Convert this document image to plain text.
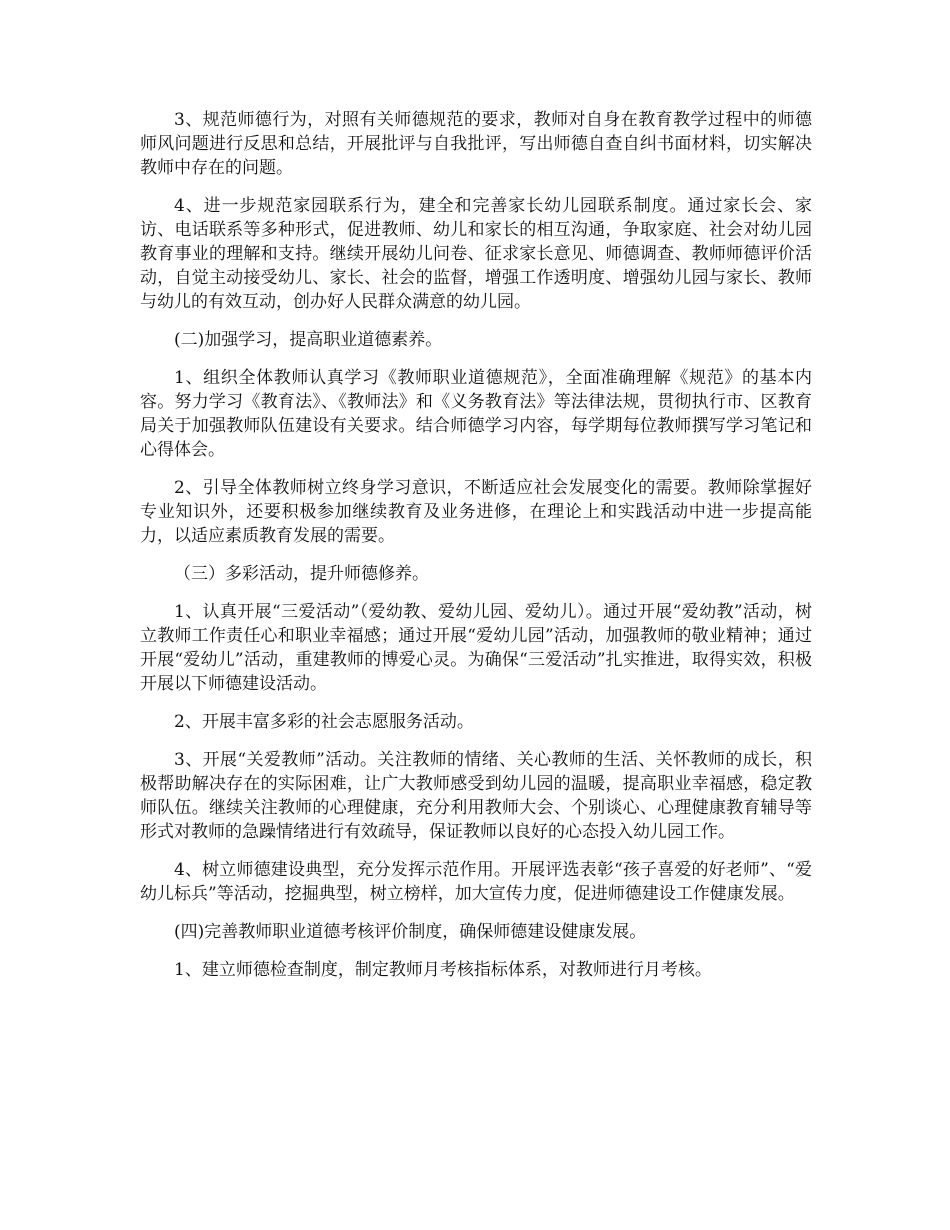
3、规范师德行为，对照有关师德规范的要求，教师对自身在教育教学过程中的师德师风问题进行反思和总结，开展批评与自我批评，写出师德自查自纠书面材料，切实解决教师中存在的问题。

4、进一步规范家园联系行为，建全和完善家长幼儿园联系制度。通过家长会、家访、电话联系等多种形式，促进教师、幼儿和家长的相互沟通，争取家庭、社会对幼儿园教育事业的理解和支持。继续开展幼儿问卷、征求家长意见、师德调查、教师师德评价活动，自觉主动接受幼儿、家长、社会的监督，增强工作透明度、增强幼儿园与家长、教师与幼儿的有效互动，创办好人民群众满意的幼儿园。

(二)加强学习，提高职业道德素养。

1、组织全体教师认真学习《教师职业道德规范》，全面准确理解《规范》的基本内容。努力学习《教育法》、《教师法》和《义务教育法》等法律法规，贯彻执行市、区教育局关于加强教师队伍建设有关要求。结合师德学习内容，每学期每位教师撰写学习笔记和心得体会。

2、引导全体教师树立终身学习意识，不断适应社会发展变化的需要。教师除掌握好专业知识外，还要积极参加继续教育及业务进修，在理论上和实践活动中进一步提高能力，以适应素质教育发展的需要。

（三）多彩活动，提升师德修养。

1、认真开展“三爱活动”（爱幼教、爱幼儿园、爱幼儿）。通过开展“爱幼教”活动，树立教师工作责任心和职业幸福感；通过开展“爱幼儿园”活动，加强教师的敬业精神；通过开展“爱幼儿”活动，重建教师的博爱心灵。为确保“三爱活动”扎实推进，取得实效，积极开展以下师德建设活动。

2、开展丰富多彩的社会志愿服务活动。

3、开展“关爱教师”活动。关注教师的情绪、关心教师的生活、关怀教师的成长，积极帮助解决存在的实际困难，让广大教师感受到幼儿园的温暖，提高职业幸福感，稳定教师队伍。继续关注教师的心理健康，充分利用教师大会、个别谈心、心理健康教育辅导等形式对教师的急躁情绪进行有效疏导，保证教师以良好的心态投入幼儿园工作。

4、树立师德建设典型，充分发挥示范作用。开展评选表彰“孩子喜爱的好老师”、“爱幼儿标兵”等活动，挖掘典型，树立榜样，加大宣传力度，促进师德建设工作健康发展。

(四)完善教师职业道德考核评价制度，确保师德建设健康发展。

1、建立师德检查制度，制定教师月考核指标体系，对教师进行月考核。
